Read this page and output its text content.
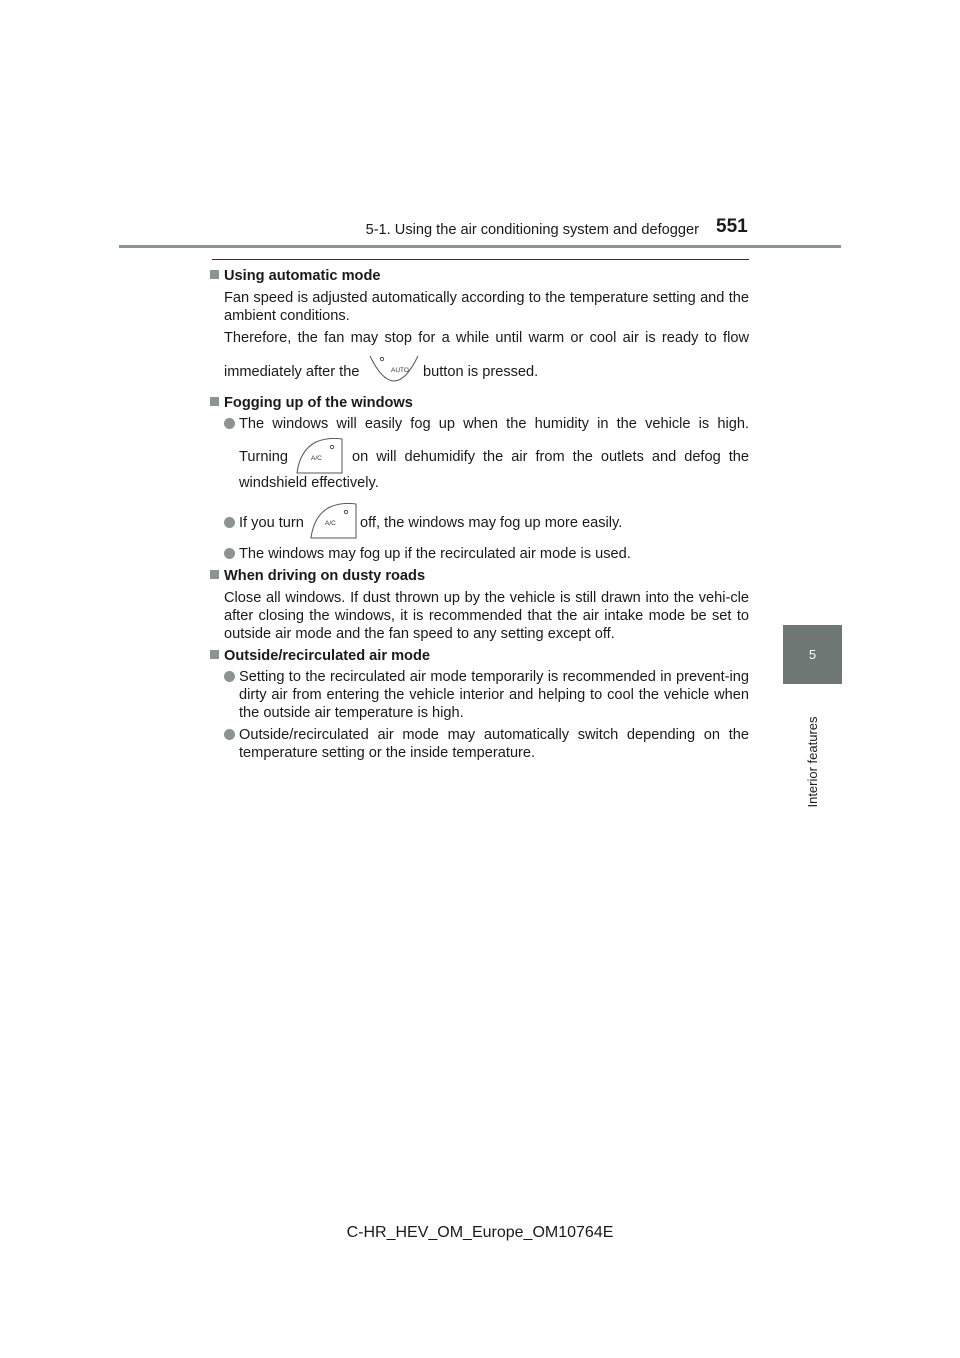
5-1. Using the air conditioning system and defogger 551
5
Interior features
Using automatic mode
Fan speed is adjusted automatically according to the temperature setting and the ambient conditions.
Therefore, the fan may stop for a while until warm or cool air is ready to flow
immediately after the	AUTO button is pressed.
Fogging up of the windows
The windows will easily fog up when the humidity in the vehicle is high.
Turning	A/C on will dehumidify the air from the outlets and defog the
windshield effectively.
If you turn	A/C off, the windows may fog up more easily.
The windows may fog up if the recirculated air mode is used.
When driving on dusty roads
Close all windows. If dust thrown up by the vehicle is still drawn into the vehi-cle after closing the windows, it is recommended that the air intake mode be set to outside air mode and the fan speed to any setting except off.
Outside/recirculated air mode
Setting to the recirculated air mode temporarily is recommended in prevent-ing dirty air from entering the vehicle interior and helping to cool the vehicle when the outside air temperature is high.
Outside/recirculated air mode may automatically switch depending on the temperature setting or the inside temperature.
C-HR_HEV_OM_Europe_OM10764E
